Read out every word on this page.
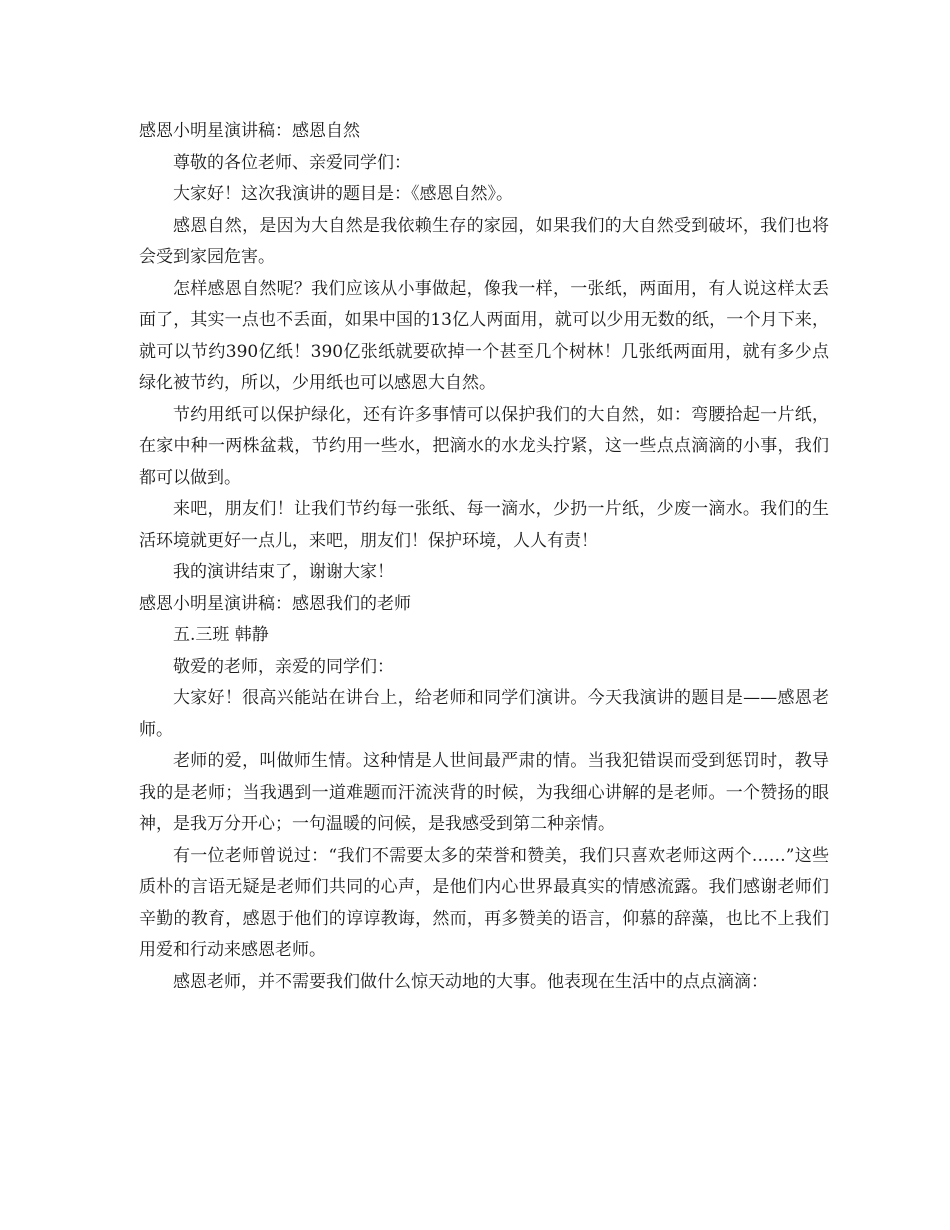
感恩小明星演讲稿：感恩自然

尊敬的各位老师、亲爱同学们：

大家好！这次我演讲的题目是：《感恩自然》。

感恩自然，是因为大自然是我依赖生存的家园，如果我们的大自然受到破坏，我们也将会受到家园危害。

怎样感恩自然呢？我们应该从小事做起，像我一样，一张纸，两面用，有人说这样太丢面了，其实一点也不丢面，如果中国的13亿人两面用，就可以少用无数的纸，一个月下来，就可以节约390亿纸！390亿张纸就要砍掉一个甚至几个树林！几张纸两面用，就有多少点绿化被节约，所以，少用纸也可以感恩大自然。

节约用纸可以保护绿化，还有许多事情可以保护我们的大自然，如：弯腰拾起一片纸，在家中种一两株盆栽，节约用一些水，把滴水的水龙头拧紧，这一些点点滴滴的小事，我们都可以做到。

来吧，朋友们！让我们节约每一张纸、每一滴水，少扔一片纸，少废一滴水。我们的生活环境就更好一点儿，来吧，朋友们！保护环境，人人有责！

我的演讲结束了，谢谢大家！

感恩小明星演讲稿：感恩我们的老师

五.三班 韩静

敬爱的老师，亲爱的同学们：

大家好！很高兴能站在讲台上，给老师和同学们演讲。今天我演讲的题目是——感恩老师。

老师的爱，叫做师生情。这种情是人世间最严肃的情。当我犯错误而受到惩罚时，教导我的是老师；当我遇到一道难题而汗流浃背的时候，为我细心讲解的是老师。一个赞扬的眼神，是我万分开心；一句温暖的问候，是我感受到第二种亲情。

有一位老师曾说过：“我们不需要太多的荣誉和赞美，我们只喜欢老师这两个……”这些质朴的言语无疑是老师们共同的心声，是他们内心世界最真实的情感流露。我们感谢老师们辛勤的教育，感恩于他们的谆谆教诲，然而，再多赞美的语言，仰慕的辞藻，也比不上我们用爱和行动来感恩老师。

感恩老师，并不需要我们做什么惊天动地的大事。他表现在生活中的点点滴滴：
